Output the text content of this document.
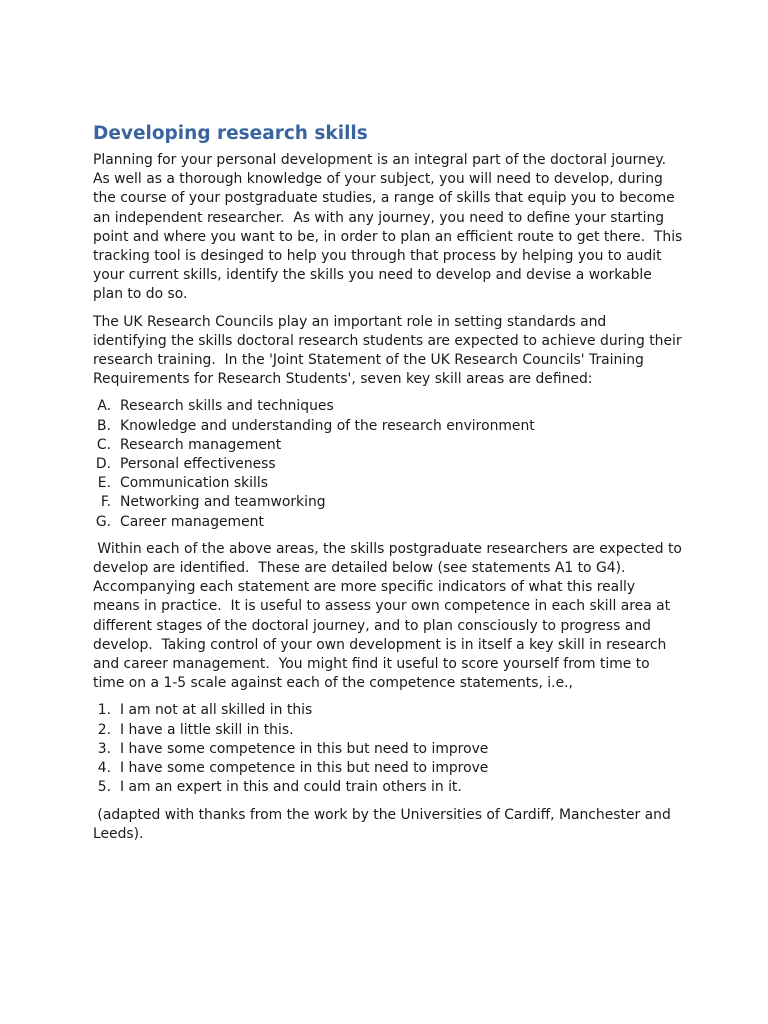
Developing research skills

Planning for your personal development is an integral part of the doctoral journey.  As well as a thorough knowledge of your subject, you will need to develop, during the course of your postgraduate studies, a range of skills that equip you to become an independent researcher.  As with any journey, you need to define your starting point and where you want to be, in order to plan an efficient route to get there.  This tracking tool is desinged to help you through that process by helping you to audit your current skills, identify the skills you need to develop and devise a workable plan to do so.

The UK Research Councils play an important role in setting standards and identifying the skills doctoral research students are expected to achieve during their research training.  In the 'Joint Statement of the UK Research Councils' Training Requirements for Research Students', seven key skill areas are defined:

A. Research skills and techniques
B. Knowledge and understanding of the research environment
C. Research management
D. Personal effectiveness
E. Communication skills
F. Networking and teamworking
G. Career management

Within each of the above areas, the skills postgraduate researchers are expected to develop are identified.  These are detailed below (see statements A1 to G4).  Accompanying each statement are more specific indicators of what this really means in practice.  It is useful to assess your own competence in each skill area at different stages of the doctoral journey, and to plan consciously to progress and develop.  Taking control of your own development is in itself a key skill in research and career management.  You might find it useful to score yourself from time to time on a 1-5 scale against each of the competence statements, i.e.,

1. I am not at all skilled in this
2. I have a little skill in this.
3. I have some competence in this but need to improve
4. I have some competence in this but need to improve
5. I am an expert in this and could train others in it.

(adapted with thanks from the work by the Universities of Cardiff, Manchester and Leeds).
